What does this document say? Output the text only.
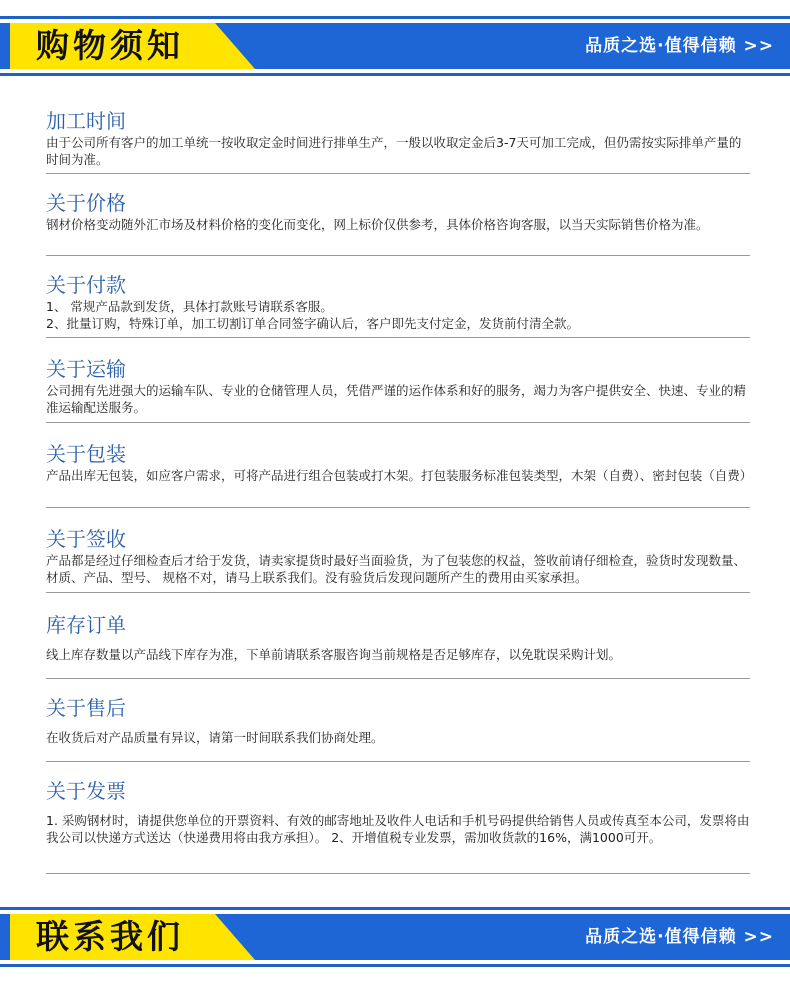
购物须知	品质之选·值得信赖 >>
加工时间

由于公司所有客户的加工单统一按收取定金时间进行排单生产，一般以收取定金后3-7天可加工完成，但仍需按实际排单产量的时间为准。

关于价格

钢材价格变动随外汇市场及材料价格的变化而变化，网上标价仅供参考，具体价格咨询客服，以当天实际销售价格为准。

关于付款

1、 常规产品款到发货，具体打款账号请联系客服。
2、批量订购，特殊订单，加工切割订单合同签字确认后，客户即先支付定金，发货前付清全款。

关于运输

公司拥有先进强大的运输车队、专业的仓储管理人员，凭借严谨的运作体系和好的服务，竭力为客户提供安全、快速、专业的精准运输配送服务。

关于包装

产品出库无包装，如应客户需求，可将产品进行组合包装或打木架。打包装服务标准包装类型，木架（自费）、密封包装（自费）

关于签收

产品都是经过仔细检查后才给于发货，请卖家提货时最好当面验货，为了包装您的权益，签收前请仔细检查，验货时发现数量、材质、产品、型号、 规格不对，请马上联系我们。没有验货后发现问题所产生的费用由买家承担。

库存订单

线上库存数量以产品线下库存为准，下单前请联系客服咨询当前规格是否足够库存，以免耽误采购计划。

关于售后

在收货后对产品质量有异议，请第一时间联系我们协商处理。

关于发票

1. 采购钢材时，请提供您单位的开票资料、有效的邮寄地址及收件人电话和手机号码提供给销售人员或传真至本公司，发票将由我公司以快递方式送达（快递费用将由我方承担）。 2、开增值税专业发票，需加收货款的16%，满1000可开。

联系我们	品质之选·值得信赖 >>
